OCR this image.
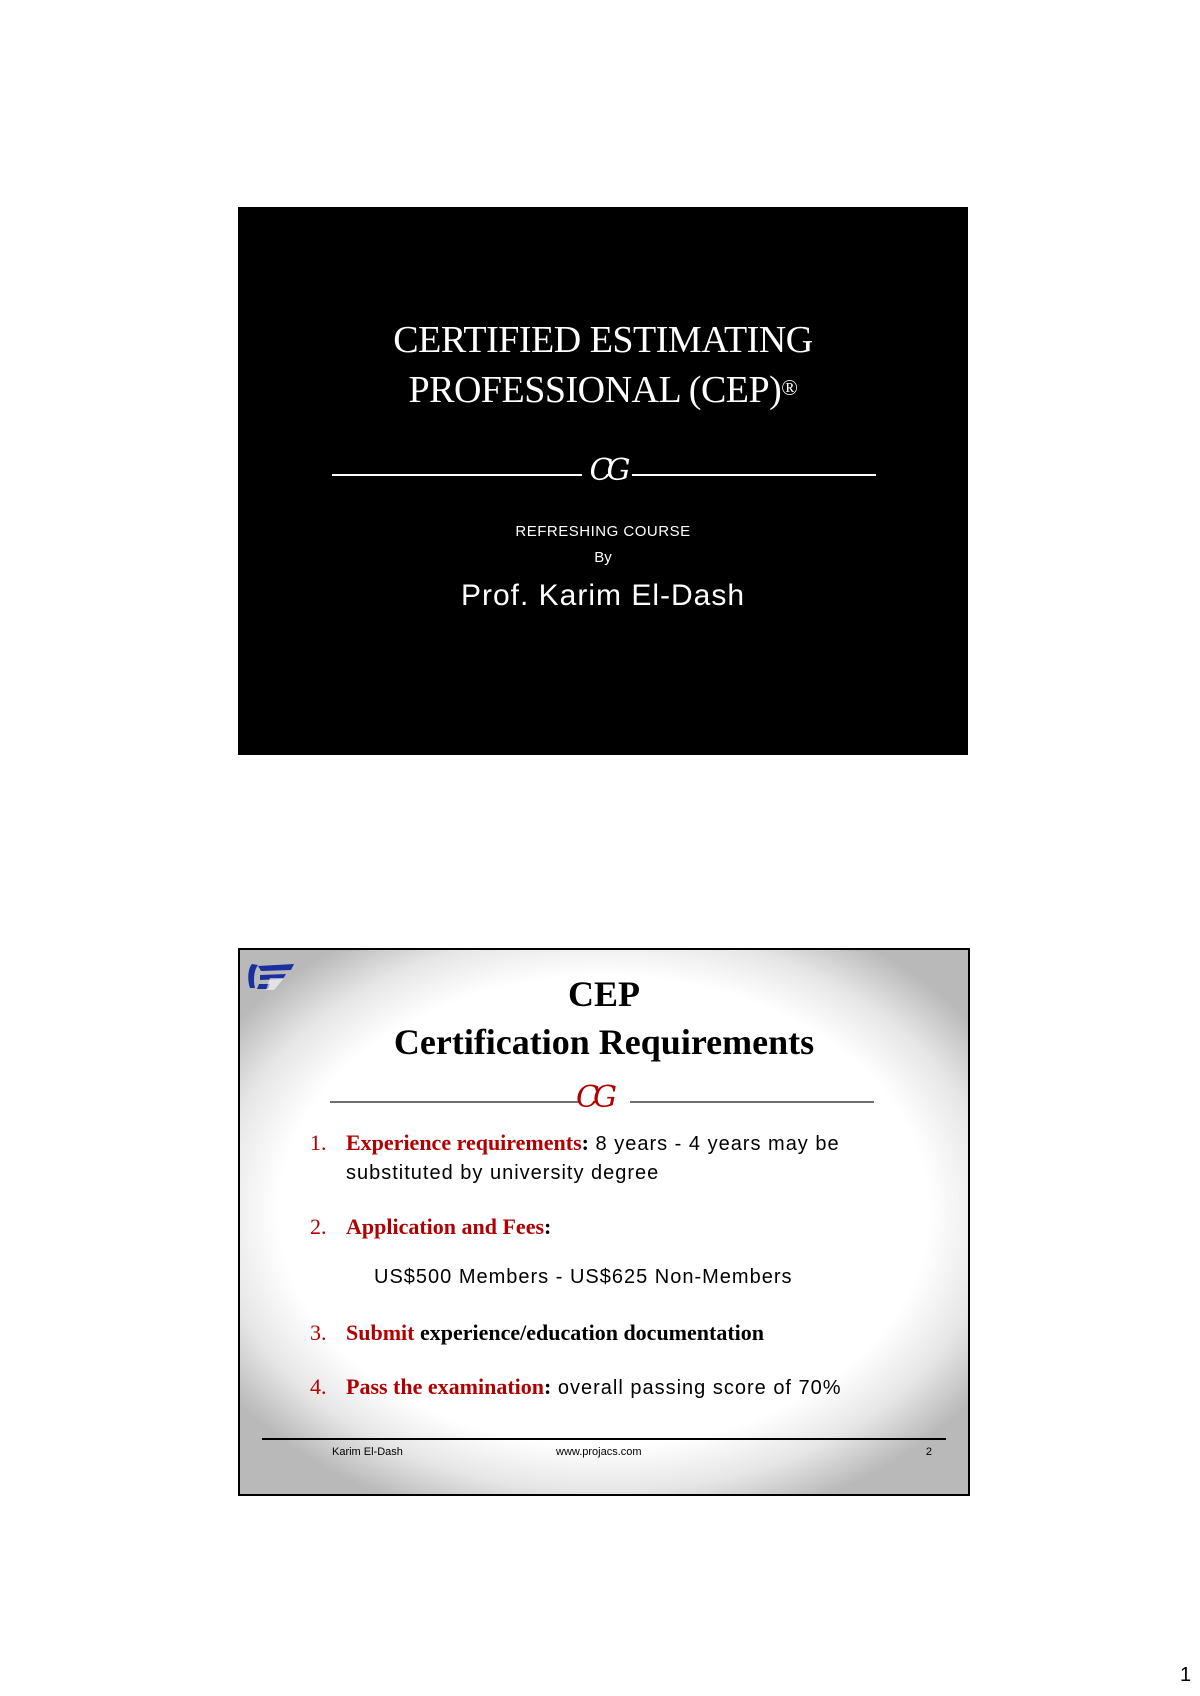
CERTIFIED ESTIMATING
PROFESSIONAL (CEP)®
CG
REFRESHING COURSE
By
Prof. Karim El-Dash
CEP
Certification Requirements
CG
1. Experience requirements: 8 years - 4 years may be substituted by university degree
2. Application and Fees:
US$500 Members - US$625 Non-Members
3. Submit experience/education documentation
4. Pass the examination: overall passing score of 70%
Karim El-Dash	www.projacs.com	2
1
